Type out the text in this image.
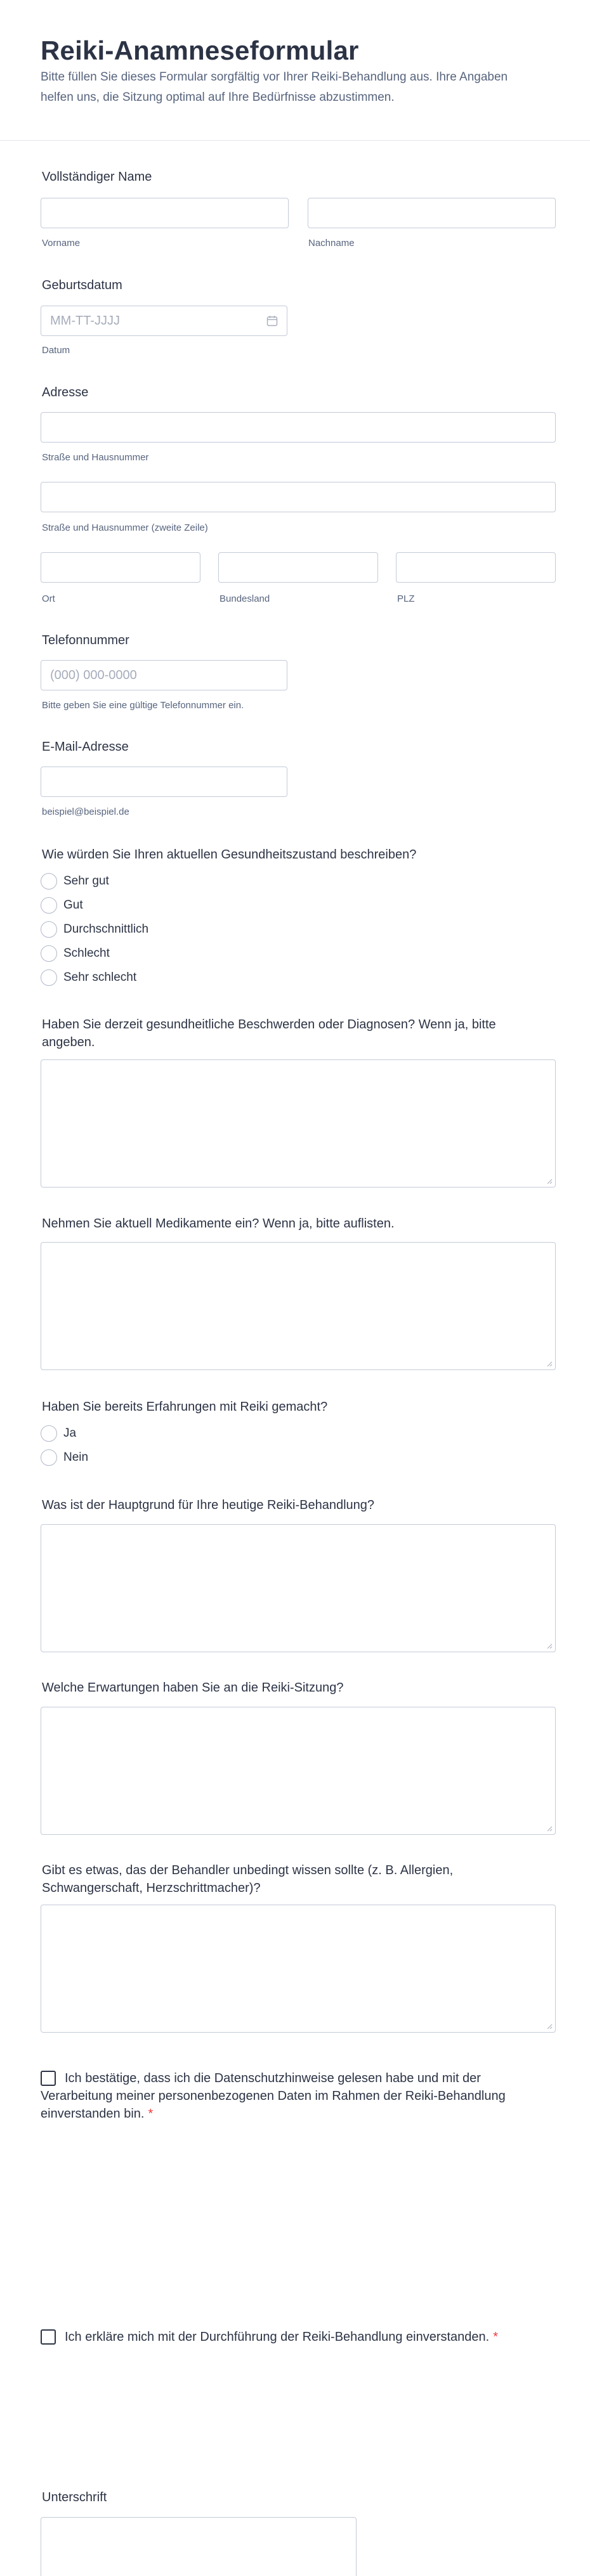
Reiki-Anamneseformular
Bitte füllen Sie dieses Formular sorgfältig vor Ihrer Reiki-Behandlung aus. Ihre Angaben helfen uns, die Sitzung optimal auf Ihre Bedürfnisse abzustimmen.
Vollständiger Name
Vorname	Nachname
Geburtsdatum
MM-TT-JJJJ
Datum
Adresse
Straße und Hausnummer
Straße und Hausnummer (zweite Zeile)
Ort	Bundesland	PLZ
Telefonnummer
(000) 000-0000
Bitte geben Sie eine gültige Telefonnummer ein.
E-Mail-Adresse
beispiel@beispiel.de
Wie würden Sie Ihren aktuellen Gesundheitszustand beschreiben?
Sehr gut
Gut
Durchschnittlich
Schlecht
Sehr schlecht
Haben Sie derzeit gesundheitliche Beschwerden oder Diagnosen? Wenn ja, bitte angeben.
Nehmen Sie aktuell Medikamente ein? Wenn ja, bitte auflisten.
Haben Sie bereits Erfahrungen mit Reiki gemacht?
Ja
Nein
Was ist der Hauptgrund für Ihre heutige Reiki-Behandlung?
Welche Erwartungen haben Sie an die Reiki-Sitzung?
Gibt es etwas, das der Behandler unbedingt wissen sollte (z. B. Allergien, Schwangerschaft, Herzschrittmacher)?
Ich bestätige, dass ich die Datenschutzhinweise gelesen habe und mit der Verarbeitung meiner personenbezogenen Daten im Rahmen der Reiki-Behandlung einverstanden bin. *
Ich erkläre mich mit der Durchführung der Reiki-Behandlung einverstanden. *
Unterschrift
